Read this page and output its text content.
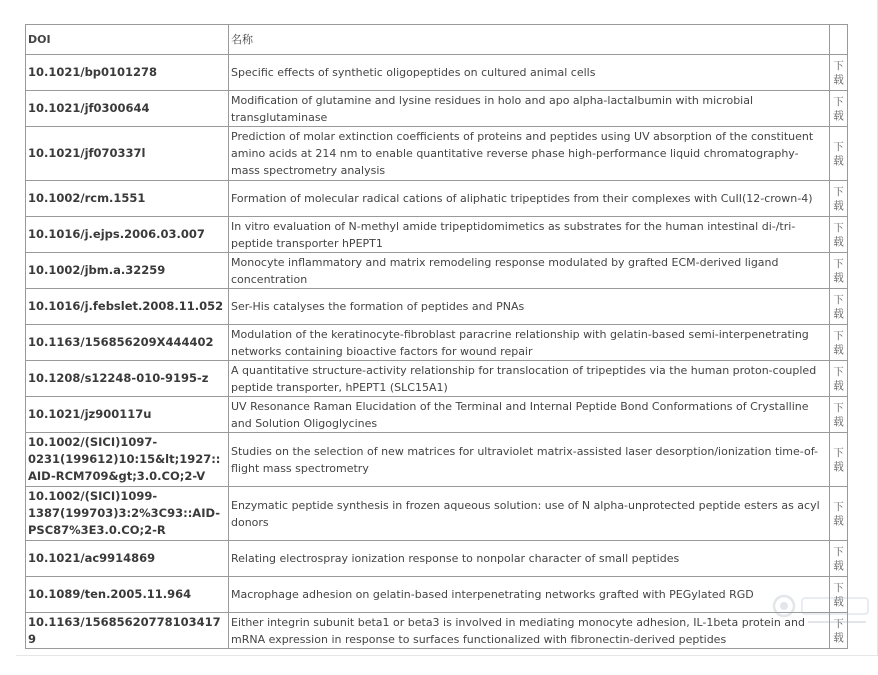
DOI	名称	
10.1021/bp0101278	Specific effects of synthetic oligopeptides on cultured animal cells	下载

10.1021/jf0300644	Modification of glutamine and lysine residues in holo and apo alpha-lactalbumin with microbial transglutaminase	下载

10.1021/jf070337l	Prediction of molar extinction coefficients of proteins and peptides using UV absorption of the constituent amino acids at 214 nm to enable quantitative reverse phase high-performance liquid chromatography-mass spectrometry analysis	下载

10.1002/rcm.1551	Formation of molecular radical cations of aliphatic tripeptides from their complexes with CuII(12-crown-4)	下载

10.1016/j.ejps.2006.03.007	In vitro evaluation of N-methyl amide tripeptidomimetics as substrates for the human intestinal di-/tri-peptide transporter hPEPT1	下载

10.1002/jbm.a.32259	Monocyte inflammatory and matrix remodeling response modulated by grafted ECM-derived ligand concentration	下载

10.1016/j.febslet.2008.11.052	Ser-His catalyses the formation of peptides and PNAs	下载

10.1163/156856209X444402	Modulation of the keratinocyte-fibroblast paracrine relationship with gelatin-based semi-interpenetrating networks containing bioactive factors for wound repair	下载

10.1208/s12248-010-9195-z	A quantitative structure-activity relationship for translocation of tripeptides via the human proton-coupled peptide transporter, hPEPT1 (SLC15A1)	下载

10.1021/jz900117u	UV Resonance Raman Elucidation of the Terminal and Internal Peptide Bond Conformations of Crystalline and Solution Oligoglycines	下载

10.1002/(SICI)1097-0231(199612)10:15&lt;1927::AID-RCM709&gt;3.0.CO;2-V	Studies on the selection of new matrices for ultraviolet matrix-assisted laser desorption/ionization time-of-flight mass spectrometry	下载

10.1002/(SICI)1099-1387(199703)3:2%3C93::AID-PSC87%3E3.0.CO;2-R	Enzymatic peptide synthesis in frozen aqueous solution: use of N alpha-unprotected peptide esters as acyl donors	下载

10.1021/ac9914869	Relating electrospray ionization response to nonpolar character of small peptides	下载

10.1089/ten.2005.11.964	Macrophage adhesion on gelatin-based interpenetrating networks grafted with PEGylated RGD	下载

10.1163/156856207781034179	Either integrin subunit beta1 or beta3 is involved in mediating monocyte adhesion, IL-1beta protein and mRNA expression in response to surfaces functionalized with fibronectin-derived peptides	下载
